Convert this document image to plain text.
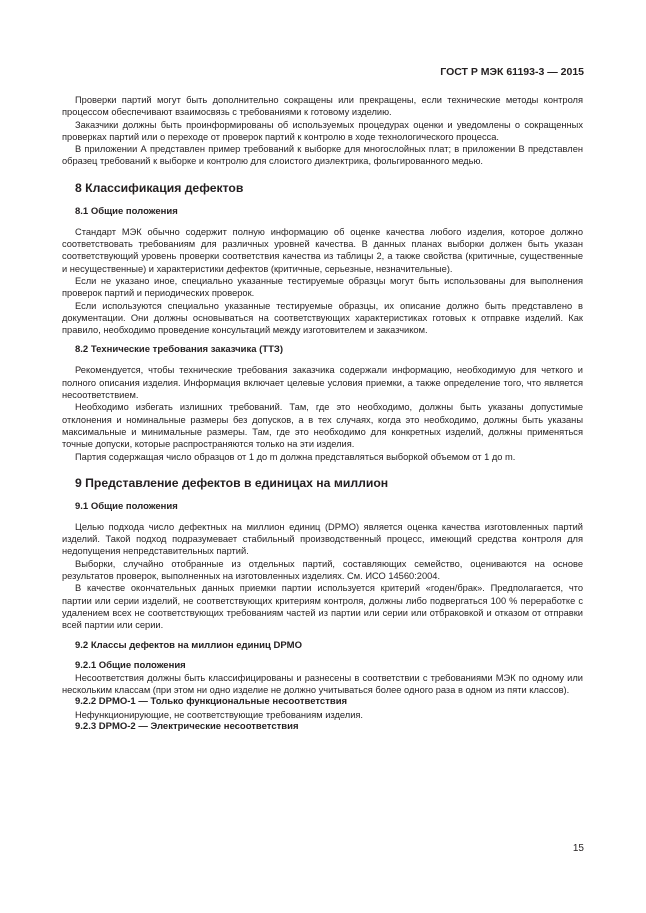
ГОСТ Р МЭК 61193-3 — 2015

Проверки партий могут быть дополнительно сокращены или прекращены, если технические методы контроля процессом обеспечивают взаимосвязь с требованиями к готовому изделию.

Заказчики должны быть проинформированы об используемых процедурах оценки и уведомлены о сокращенных проверках партий или о переходе от проверок партий к контролю в ходе технологического процесса.

В приложении А представлен пример требований к выборке для многослойных плат; в приложении В представлен образец требований к выборке и контролю для слоистого диэлектрика, фольгированного медью.

8 Классификация дефектов
8.1 Общие положения

Стандарт МЭК обычно содержит полную информацию об оценке качества любого изделия, которое должно соответствовать требованиям для различных уровней качества. В данных планах выборки должен быть указан соответствующий уровень проверки соответствия качества из таблицы 2, а также свойства (критичные, существенные и несущественные) и характеристики дефектов (критичные, серьезные, незначительные).

Если не указано иное, специально указанные тестируемые образцы могут быть использованы для выполнения проверок партий и периодических проверок.

Если используются специально указанные тестируемые образцы, их описание должно быть представлено в документации. Они должны основываться на соответствующих характеристиках готовых к отправке изделий. Как правило, необходимо проведение консультаций между изготовителем и заказчиком.

8.2 Технические требования заказчика (ТТЗ)

Рекомендуется, чтобы технические требования заказчика содержали информацию, необходимую для четкого и полного описания изделия. Информация включает целевые условия приемки, а также определение того, что является несоответствием.

Необходимо избегать излишних требований. Там, где это необходимо, должны быть указаны допустимые отклонения и номинальные размеры без допусков, а в тех случаях, когда это необходимо, должны быть указаны максимальные и минимальные размеры. Там, где это необходимо для конкретных изделий, должны применяться точные допуски, которые распространяются только на эти изделия.

Партия содержащая число образцов от 1 до m должна представляться выборкой объемом от 1 до m.

9 Представление дефектов в единицах на миллион
9.1 Общие положения

Целью подхода число дефектных на миллион единиц (DPMO) является оценка качества изготовленных партий изделий. Такой подход подразумевает стабильный производственный процесс, имеющий средства контроля для недопущения непредставительных партий.

Выборки, случайно отобранные из отдельных партий, составляющих семейство, оцениваются на основе результатов проверок, выполненных на изготовленных изделиях. См. ИСО 14560:2004.

В качестве окончательных данных приемки партии используется критерий «годен/брак». Предполагается, что партии или серии изделий, не соответствующих критериям контроля, должны либо подвергаться 100 % переработке с удалением всех не соответствующих требованиям частей из партии или серии или отбраковкой и отказом от отправки всей партии или серии.

9.2 Классы дефектов на миллион единиц DPMO
9.2.1 Общие положения

Несоответствия должны быть классифицированы и разнесены в соответствии с требованиями МЭК по одному или нескольким классам (при этом ни одно изделие не должно учитываться более одного раза в одном из пяти классов).

9.2.2 DPMO-1 — Только функциональные несоответствия

Нефункционирующие, не соответствующие требованиям изделия.

9.2.3 DPMO-2 — Электрические несоответствия
15
